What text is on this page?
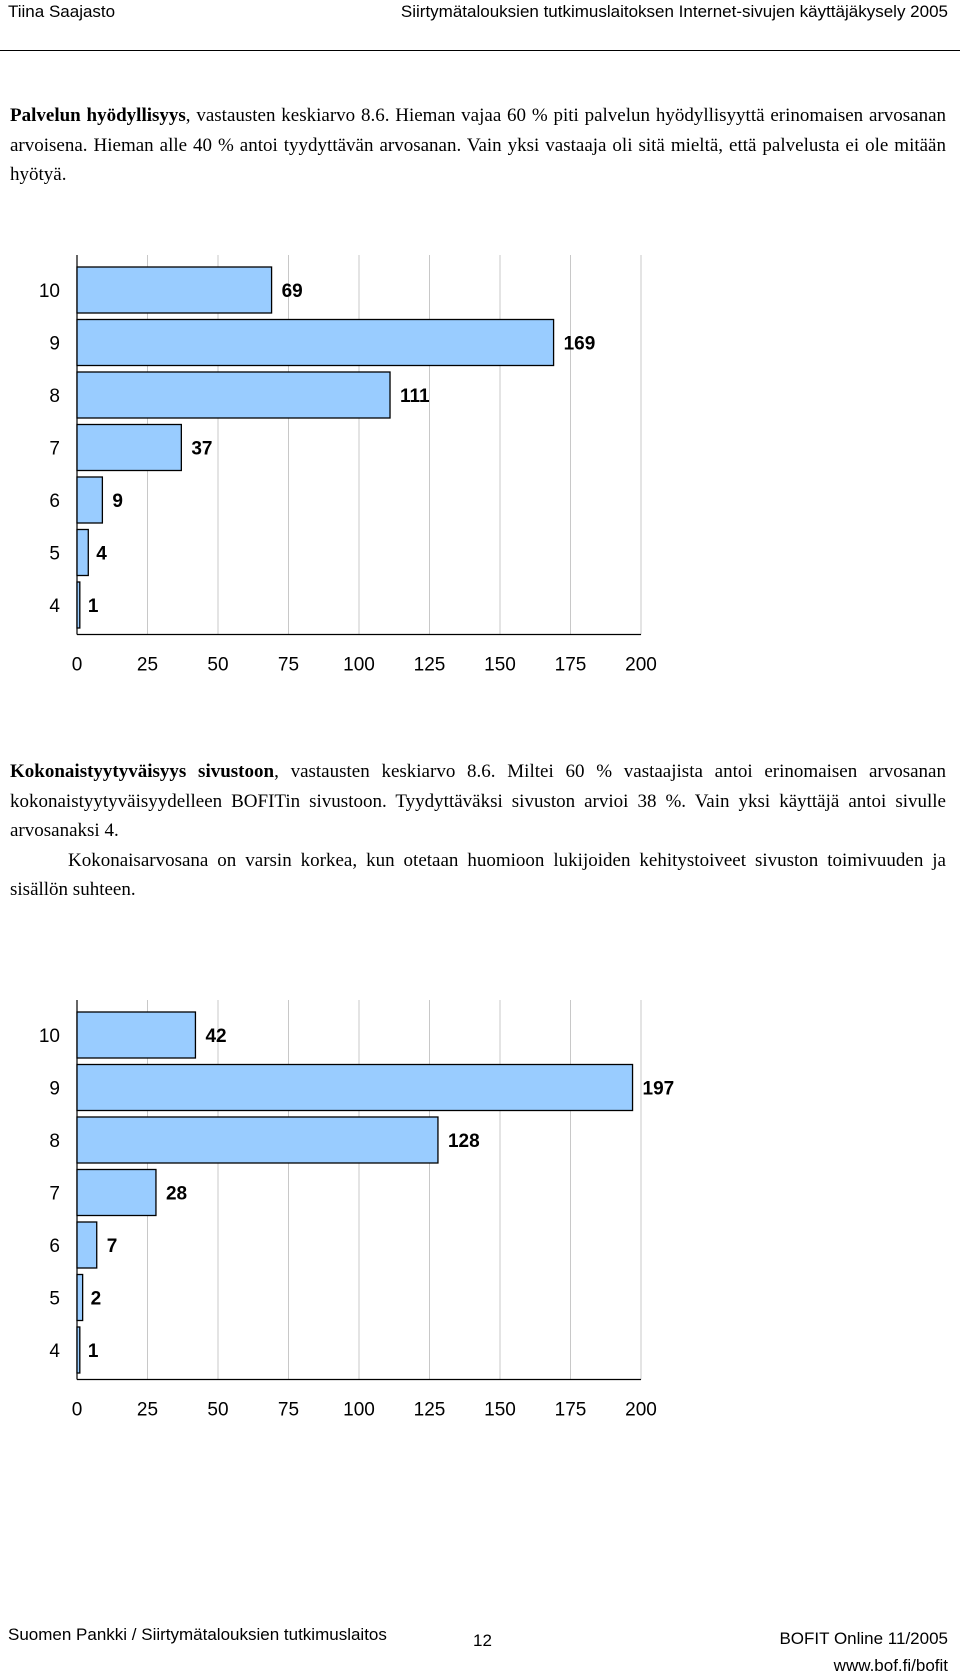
Tiina Saajasto	Siirtymätalouksien tutkimuslaitoksen Internet-sivujen käyttäjäkysely 2005
Palvelun hyödyllisyys, vastausten keskiarvo 8.6. Hieman vajaa 60 % piti palvelun hyödyllisyyttä erinomaisen arvosanan arvoisena. Hieman alle 40 % antoi tyydyttävän arvosanan. Vain yksi vastaaja oli sitä mieltä, että palvelusta ei ole mitään hyötyä.
10	69
9	169
8	111
7	37
6	9
5 4
4 1
0	25	50	75 100 125 150 175 200
Kokonaistyytyväisyys sivustoon, vastausten keskiarvo 8.6. Miltei 60 % vastaajista antoi erinomaisen arvosanan kokonaistyytyväisyydelleen BOFITin sivustoon. Tyydyttäväksi sivuston arvioi 38 %. Vain yksi käyttäjä antoi sivulle arvosanaksi 4.
Kokonaisarvosana on varsin korkea, kun otetaan huomioon lukijoiden kehitystoiveet sivuston toimivuuden ja sisällön suhteen.
10	42
9	197
8	128
7	28
6 7
5 2
4 1
0	25	50	75 100 125 150 175 200
Suomen Pankki / Siirtymätalouksien tutkimuslaitos	12	BOFIT Online 11/2005
www.bof.fi/bofit
